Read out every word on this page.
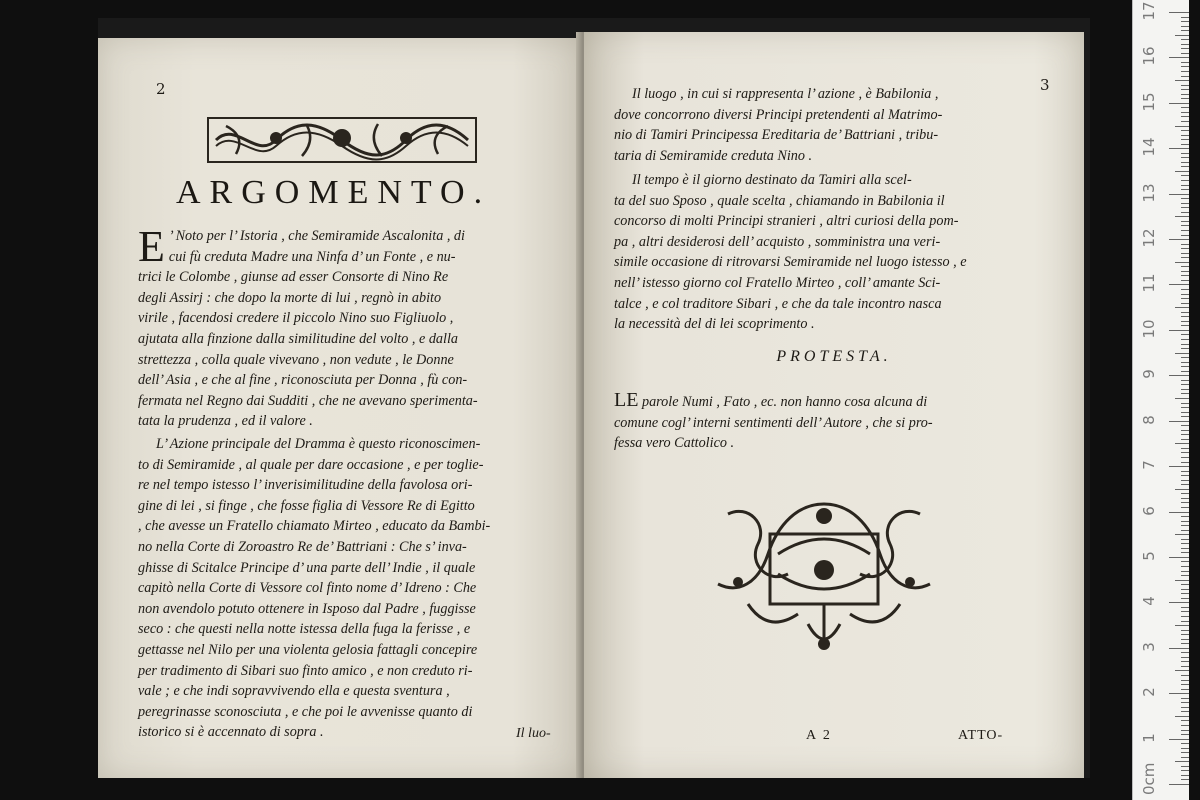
2
ARGOMENTO.
E ’ Noto per l’ Istoria , che Semiramide Ascalonita , di

cui fù creduta Madre una Ninfa d’ un Fonte , e nu-

trici le Colombe , giunse ad esser Consorte di Nino Re

degli Assirj : che dopo la morte di lui , regnò in abito

virile , facendosi credere il piccolo Nino suo Figliuolo ,

ajutata alla finzione dalla similitudine del volto , e dalla

strettezza , colla quale vivevano , non vedute , le Donne

dell’ Asia , e che al fine , riconosciuta per Donna , fù con-

fermata nel Regno dai Sudditi , che ne avevano sperimenta-

tata la prudenza , ed il valore .

L’ Azione principale del Dramma è questo riconoscimen-

to di Semiramide , al quale per dare occasione , e per toglie-

re nel tempo istesso l’ inverisimilitudine della favolosa ori-

gine di lei , si finge , che fosse figlia di Vessore Re di Egitto

, che avesse un Fratello chiamato Mirteo , educato da Bambi-

no nella Corte di Zoroastro Re de’ Battriani : Che s’ inva-

ghisse di Scitalce Principe d’ una parte dell’ Indie , il quale

capitò nella Corte di Vessore col finto nome d’ Idreno : Che

non avendolo potuto ottenere in Isposo dal Padre , fuggisse

seco : che questi nella notte istessa della fuga la ferisse , e

gettasse nel Nilo per una violenta gelosia fattagli concepire

per tradimento di Sibari suo finto amico , e non creduto ri-

vale ; e che indi sopravvivendo ella e questa sventura ,

peregrinasse sconosciuta , e che poi le avvenisse quanto di

istorico si è accennato di sopra .	Il luo-
3

Il luogo , in cui si rappresenta l’ azione , è Babilonia ,

dove concorrono diversi Principi pretendenti al Matrimo-

nio di Tamiri Principessa Ereditaria de’ Battriani , tribu-

taria di Semiramide creduta Nino .

Il tempo è il giorno destinato da Tamiri alla scel-

ta del suo Sposo , quale scelta , chiamando in Babilonia il

concorso di molti Principi stranieri , altri curiosi della pom-

pa , altri desiderosi dell’ acquisto , somministra una veri-

simile occasione di ritrovarsi Semiramide nel luogo istesso , e

nell’ istesso giorno col Fratello Mirteo , coll’ amante Sci-

talce , e col traditore Sibari , e che da tale incontro nasca

la necessità del di lei scoprimento .

PROTESTA.

LE parole Numi , Fato , ec. non hanno cosa alcuna di

comune cogl’ interni sentimenti dell’ Autore , che si pro-

fessa vero Cattolico .

A 2	ATTO-
17
16
15
14
13
12
11
10
9
8
7
6
5
4
3
2
1
0cm
